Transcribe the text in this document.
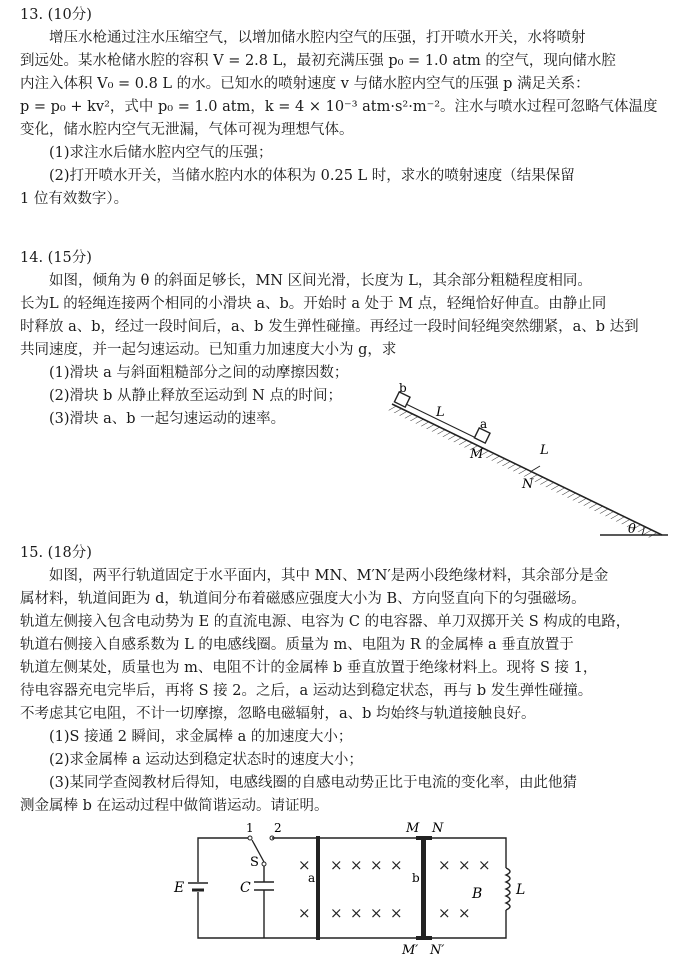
13. (10分)

增压水枪通过注水压缩空气，以增加储水腔内空气的压强，打开喷水开关，水将喷射

到远处。某水枪储水腔的容积 V = 2.8 L，最初充满压强 p₀ = 1.0 atm 的空气，现向储水腔

内注入体积 V₀ = 0.8 L 的水。已知水的喷射速度 v 与储水腔内空气的压强 p 满足关系：

p = p₀ + kv²，式中 p₀ = 1.0 atm，k = 4 × 10⁻³ atm·s²·m⁻²。注水与喷水过程可忽略气体温度

变化，储水腔内空气无泄漏，气体可视为理想气体。

(1)求注水后储水腔内空气的压强；

(2)打开喷水开关，当储水腔内水的体积为 0.25 L 时，求水的喷射速度（结果保留

1 位有效数字）。

14. (15分)

如图，倾角为 θ 的斜面足够长，MN 区间光滑，长度为 L，其余部分粗糙程度相同。

长为L 的轻绳连接两个相同的小滑块 a、b。开始时 a 处于 M 点，轻绳恰好伸直。由静止同

时释放 a、b，经过一段时间后，a、b 发生弹性碰撞。再经过一段时间轻绳突然绷紧，a、b 达到

共同速度，并一起匀速运动。已知重力加速度大小为 g，求

(1)滑块 a 与斜面粗糙部分之间的动摩擦因数；

(2)滑块 b 从静止释放至运动到 N 点的时间；

(3)滑块 a、b 一起匀速运动的速率。

θ
b
L
a
M	L
N

15. (18分)

如图，两平行轨道固定于水平面内，其中 MN、M′N′是两小段绝缘材料，其余部分是金

属材料，轨道间距为 d，轨道间分布着磁感应强度大小为 B、方向竖直向下的匀强磁场。

轨道左侧接入包含电动势为 E 的直流电源、电容为 C 的电容器、单刀双掷开关 S 构成的电路，

轨道右侧接入自感系数为 L 的电感线圈。质量为 m、电阻为 R 的金属棒 a 垂直放置于

轨道左侧某处，质量也为 m、电阻不计的金属棒 b 垂直放置于绝缘材料上。现将 S 接 1，

待电容器充电完毕后，再将 S 接 2。之后，a 运动达到稳定状态，再与 b 发生弹性碰撞。

不考虑其它电阻，不计一切摩擦，忽略电磁辐射，a、b 均始终与轨道接触良好。

(1)S 接通 2 瞬间，求金属棒 a 的加速度大小；

(2)求金属棒 a 运动达到稳定状态时的速度大小；

(3)某同学查阅教材后得知，电感线圈的自感电动势正比于电流的变化率，由此他猜

测金属棒 b 在运动过程中做简谐运动。请证明。

E
1 2
S
C	L
a	b
M N
M′ N′
B
×
×
× × × ×
× × × ×
× × ×
× ×
